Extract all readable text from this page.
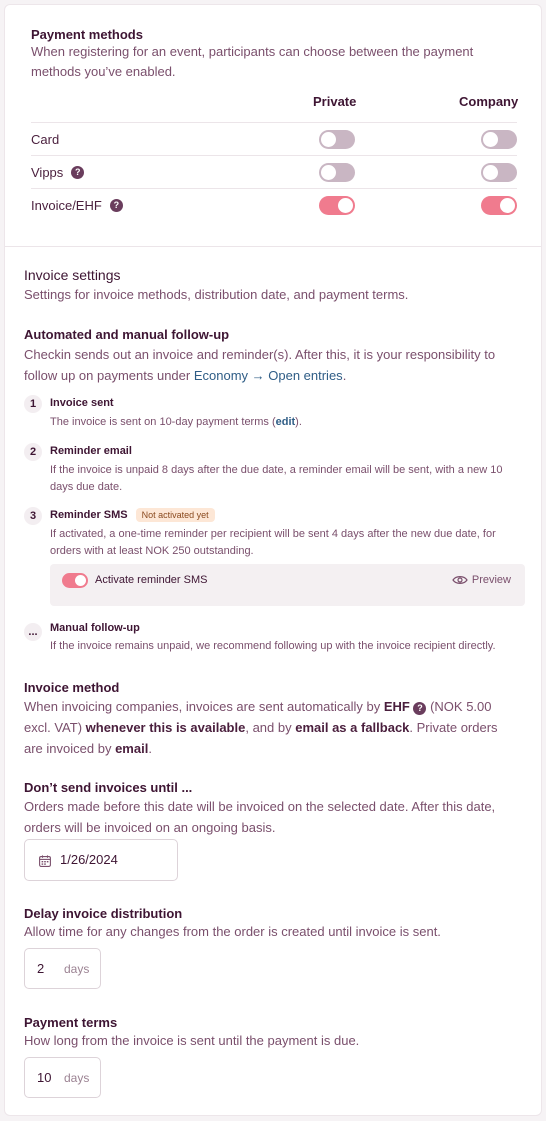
Payment methods
When registering for an event, participants can choose between the payment methods you’ve enabled.
Private	Company
Card
Vipps	?
Invoice/EHF	?
Invoice settings
Settings for invoice methods, distribution date, and payment terms.
Automated and manual follow-up
Checkin sends out an invoice and reminder(s). After this, it is your responsibility to follow up on payments under Economy → Open entries.
1	Invoice sent
The invoice is sent on 10-day payment terms (edit).
2	Reminder email
If the invoice is unpaid 8 days after the due date, a reminder email will be sent, with a new 10 days due date.
3	Reminder SMS	Not activated yet
If activated, a one-time reminder per recipient will be sent 4 days after the new due date, for orders with at least NOK 250 outstanding.
Activate reminder SMS	Preview
...	Manual follow-up
If the invoice remains unpaid, we recommend following up with the invoice recipient directly.
Invoice method
When invoicing companies, invoices are sent automatically by EHF ? (NOK 5.00 excl. VAT) whenever this is available, and by email as a fallback. Private orders are invoiced by email.
Don’t send invoices until ...
Orders made before this date will be invoiced on the selected date. After this date, orders will be invoiced on an ongoing basis.
1/26/2024
Delay invoice distribution
Allow time for any changes from the order is created until invoice is sent.
2 days
Payment terms
How long from the invoice is sent until the payment is due.
10 days
